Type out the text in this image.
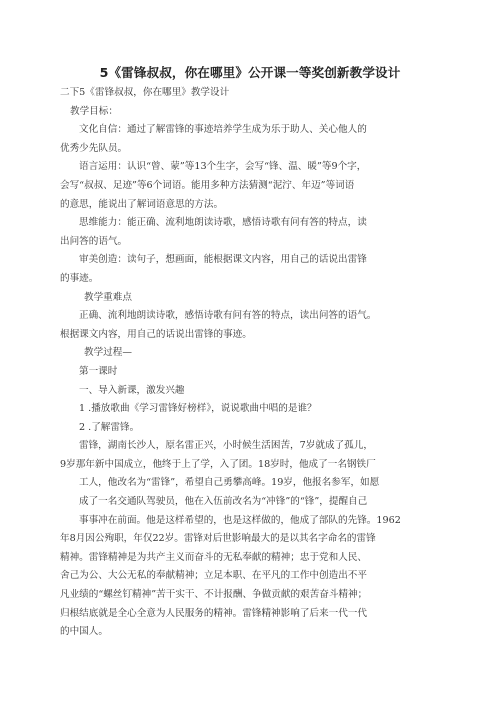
5《雷锋叔叔，你在哪里》公开课一等奖创新教学设计
二下5《雷锋叔叔，你在哪里》教学设计
教学目标：
文化自信：通过了解雷锋的事迹培养学生成为乐于助人、关心他人的
优秀少先队员。
语言运用：认识“曾、蒙”等13个生字，会写“锋、温、暖”等9个字，
会写“叔叔、足迹”等6个词语。能用多种方法猜测“泥泞、年迈”等词语
的意思，能说出了解词语意思的方法。
思维能力：能正确、流利地朗读诗歌，感悟诗歌有问有答的特点，读
出问答的语气。
审美创造：读句子，想画面，能根据课文内容，用自己的话说出雷锋
的事迹。
教学重难点
正确、流利地朗读诗歌，感悟诗歌有问有答的特点，读出问答的语气。
根据课文内容，用自己的话说出雷锋的事迹。
教学过程—
第一课时
一、导入新课，激发兴趣
1 .播放歌曲《学习雷锋好榜样》，说说歌曲中唱的是谁？
2 .了解雷锋。
雷锋，湖南长沙人，原名雷正兴，小时候生活困苦，7岁就成了孤儿，
9岁那年新中国成立，他终于上了学，入了团。18岁时，他成了一名钢铁厂
工人，他改名为“雷锋”，希望自己勇攀高峰。19岁，他报名参军，如愿
成了一名交通队驾驶员，他在入伍前改名为“冲锋”的“锋”，提醒自己
事事冲在前面。他是这样希望的，也是这样做的，他成了部队的先锋。1962
年8月因公殉职，年仅22岁。雷锋对后世影响最大的是以其名字命名的雷锋
精神。雷锋精神是为共产主义而奋斗的无私奉献的精神；忠于党和人民、
舍己为公、大公无私的奉献精神；立足本职、在平凡的工作中创造出不平
凡业绩的“螺丝钉精神”苦干实干、不计报酬、争做贡献的艰苦奋斗精神；
归根结底就是全心全意为人民服务的精神。雷锋精神影响了后来一代一代
的中国人。
